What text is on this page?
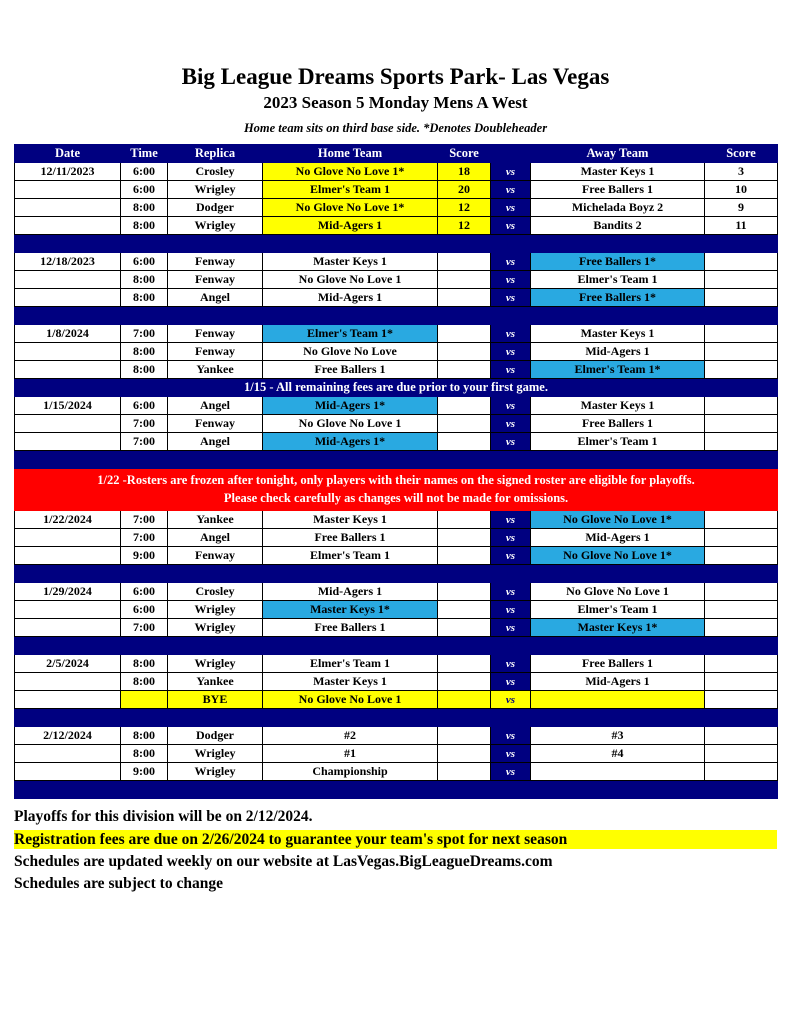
Big League Dreams Sports Park- Las Vegas
2023 Season 5 Monday Mens A West
Home team sits on third base side. *Denotes Doubleheader
Date	Time	Replica	Home Team	Score		Away Team	Score
12/11/2023	6:00	Crosley	No Glove No Love 1*	18	vs	Master Keys 1	3
	6:00	Wrigley	Elmer's Team 1	20	vs	Free Ballers 1	10
	8:00	Dodger	No Glove No Love 1*	12	vs	Michelada Boyz 2	9
	8:00	Wrigley	Mid-Agers 1	12	vs	Bandits 2	11

12/18/2023	6:00	Fenway	Master Keys 1		vs	Free Ballers 1*	
	8:00	Fenway	No Glove No Love 1		vs	Elmer's Team 1	
	8:00	Angel	Mid-Agers 1		vs	Free Ballers 1*	

1/8/2024	7:00	Fenway	Elmer's Team 1*		vs	Master Keys 1	
	8:00	Fenway	No Glove No Love		vs	Mid-Agers 1	
	8:00	Yankee	Free Ballers 1		vs	Elmer's Team 1*	
1/15 - All remaining fees are due prior to your first game.							
1/15/2024	6:00	Angel	Mid-Agers 1*		vs	Master Keys 1	
	7:00	Fenway	No Glove No Love 1		vs	Free Ballers 1	
	7:00	Angel	Mid-Agers 1*		vs	Elmer's Team 1	

1/22 -Rosters are frozen after tonight, only players with their names on the signed roster are eligible for playoffs.
Please check carefully as changes will not be made for omissions.							

1/22/2024	7:00	Yankee	Master Keys 1		vs	No Glove No Love 1*	
	7:00	Angel	Free Ballers 1		vs	Mid-Agers 1	
	9:00	Fenway	Elmer's Team 1		vs	No Glove No Love 1*	

1/29/2024	6:00	Crosley	Mid-Agers 1		vs	No Glove No Love 1	
	6:00	Wrigley	Master Keys 1*		vs	Elmer's Team 1	
	7:00	Wrigley	Free Ballers 1		vs	Master Keys 1*	

2/5/2024	8:00	Wrigley	Elmer's Team 1		vs	Free Ballers 1	
	8:00	Yankee	Master Keys 1		vs	Mid-Agers 1	
		BYE	No Glove No Love 1		vs		

2/12/2024	8:00	Dodger	#2		vs	#3	
	8:00	Wrigley	#1		vs	#4	
	9:00	Wrigley	Championship		vs		

Playoffs for this division will be on 2/12/2024.
Registration fees are due on 2/26/2024 to guarantee your team's spot for next season
Schedules are updated weekly on our website at LasVegas.BigLeagueDreams.com
Schedules are subject to change
